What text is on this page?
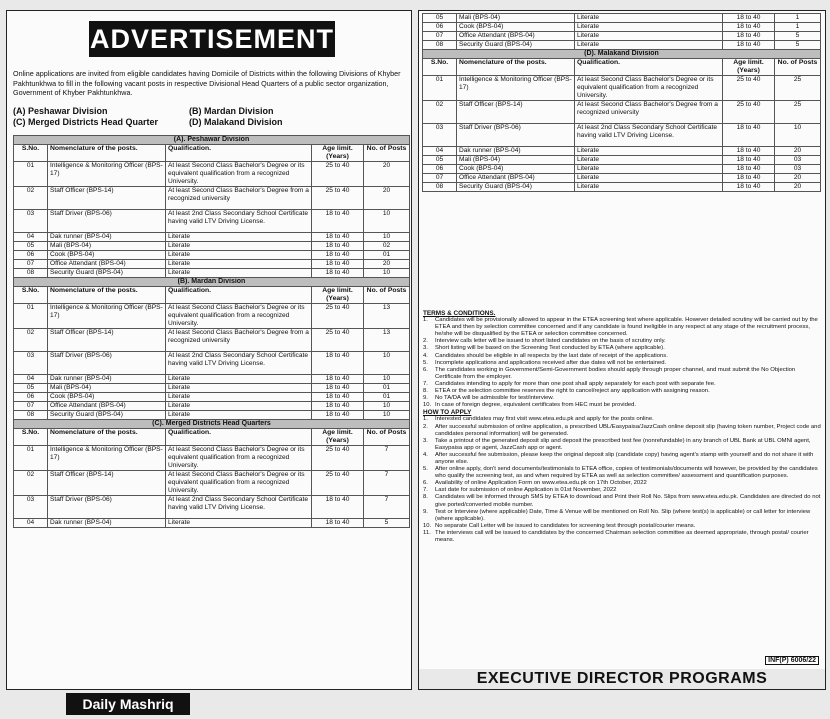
ADVERTISEMENT
Online applications are invited from eligible candidates having Domicile of Districts within the following Divisions of Khyber Pakhtunkhwa to fill in the following vacant posts in respective Divisional Head Quarters of a public sector organization, Government of Khyber Pakhtunkhwa.
(A) Peshawar Division	(B) Mardan Division
(C) Merged Districts Head Quarter	(D) Malakand Division
(A). Peshawar Division				
S.No.	Nomenclature of the posts.	Qualification.	Age limit. (Years)	No. of Posts
01	Intelligence & Monitoring Officer (BPS-17)	At least Second Class Bachelor's Degree or its equivalent qualification from a recognized University.	25 to 40	20
02	Staff Officer (BPS-14)	At least Second Class Bachelor's Degree from a recognized university	25 to 40	20
03	Staff Driver (BPS-06)	At least 2nd Class Secondary School Certificate having valid LTV Driving License.	18 to 40	10
04	Dak runner (BPS-04)	Literate	18 to 40	10
05	Mali (BPS-04)	Literate	18 to 40	02
06	Cook (BPS-04)	Literate	18 to 40	01
07	Office Attendant (BPS-04)	Literate	18 to 40	20
08	Security Guard (BPS-04)	Literate	18 to 40	10
(B). Mardan Division				
S.No.	Nomenclature of the posts.	Qualification.	Age limit. (Years)	No. of Posts
01	Intelligence & Monitoring Officer (BPS-17)	At least Second Class Bachelor's Degree or its equivalent qualification from a recognized University.	25 to 40	13
02	Staff Officer (BPS-14)	At least Second Class Bachelor's Degree from a recognized university	25 to 40	13
03	Staff Driver (BPS-06)	At least 2nd Class Secondary School Certificate having valid LTV Driving License.	18 to 40	10
04	Dak runner (BPS-04)	Literate	18 to 40	10
05	Mali (BPS-04)	Literate	18 to 40	01
06	Cook (BPS-04)	Literate	18 to 40	01
07	Office Attendant (BPS-04)	Literate	18 to 40	10
08	Security Guard (BPS-04)	Literate	18 to 40	10
(C). Merged Districts Head Quarters				
S.No.	Nomenclature of the posts.	Qualification.	Age limit. (Years)	No. of Posts
01	Intelligence & Monitoring Officer (BPS-17)	At least Second Class Bachelor's Degree or its equivalent qualification from a recognized University.	25 to 40	7
02	Staff Officer (BPS-14)	At least Second Class Bachelor's Degree or its equivalent qualification from a recognized University.	25 to 40	7
03	Staff Driver (BPS-06)	At least 2nd Class Secondary School Certificate having valid LTV Driving License.	18 to 40	7
04	Dak runner (BPS-04)	Literate	18 to 40	5
05	Mali (BPS-04)	Literate	18 to 40	1
06	Cook (BPS-04)	Literate	18 to 40	1
07	Office Attendant (BPS-04)	Literate	18 to 40	5
08	Security Guard (BPS-04)	Literate	18 to 40	5
(D). Malakand Division				
S.No.	Nomenclature of the posts.	Qualification.	Age limit. (Years)	No. of Posts
01	Intelligence & Monitoring Officer (BPS-17)	At least Second Class Bachelor's Degree or its equivalent qualification from a recognized University.	25 to 40	25
02	Staff Officer (BPS-14)	At least Second Class Bachelor's Degree from a recognized university	25 to 40	25
03	Staff Driver (BPS-06)	At least 2nd Class Secondary School Certificate having valid LTV Driving License.	18 to 40	10
04	Dak runner (BPS-04)	Literate	18 to 40	20
05	Mali (BPS-04)	Literate	18 to 40	03
06	Cook (BPS-04)	Literate	18 to 40	03
07	Office Attendant (BPS-04)	Literate	18 to 40	20
08	Security Guard (BPS-04)	Literate	18 to 40	20
TERMS & CONDITIONS.
1.	Candidates will be provisionally allowed to appear in the ETEA screening test where applicable. However detailed scrutiny will be carried out by the ETEA and then by selection committee concerned and if any candidate is found ineligible in any respect at any stage of the recruitment process, he/she will be disqualified by the ETEA or selection committee concerned.
2.	Interview calls letter will be issued to short listed candidates on the basis of scrutiny only.
3.	Short listing will be based on the Screening Test conducted by ETEA (where applicable).
4.	Candidates should be eligible in all respects by the last date of receipt of the applications.
5.	Incomplete applications and applications received after due dates will not be entertained.
6.	The candidates working in Government/Semi-Government bodies should apply through proper channel, and must submit the No Objection Certificate from the employer.
7.	Candidates intending to apply for more than one post shall apply separately for each post with separate fee.
8.	ETEA or the selection committee reserves the right to cancel/reject any application with assigning reason.
9.	No TA/DA will be admissible for test/interview.
10. In case of foreign degree, equivalent certificates from HEC must be provided.
HOW TO APPLY
1.	Interested candidates may first visit www.etea.edu.pk and apply for the posts online.
2.	After successful submission of online application, a prescribed UBL/Easypaisa/JazzCash online deposit slip (having token number, Project code and candidates personal information) will be generated.
3.	Take a printout of the generated deposit slip and deposit the prescribed test fee (nonrefundable) in any branch of UBL Bank at UBL OMNI agent, Easypaisa app or agent, JazzCash app or agent.
4.	After successful fee submission, please keep the original deposit slip (candidate copy) having agent's stamp with yourself and do not share it with anyone else.
5.	After online apply, don't send documents/testimonials to ETEA office, copies of testimonials/documents will however, be provided by the candidates who qualify the screening test, as and when required by ETEA as well as selection committee/ assessment and quantification purposes.
6.	Availability of online Application Form on www.etea.edu.pk on 17th October, 2022
7.	Last date for submission of online Application is 01st November, 2022
8.	Candidates will be informed through SMS by ETEA to download and Print their Roll No. Slips from www.etea.edu.pk. Candidates are directed do not give ported/converted mobile number.
9.	Test or Interview (where applicable) Date, Time & Venue will be mentioned on Roll No. Slip (where test(s) is applicable) or call letter for interview (where applicable).
10. No separate Call Letter will be issued to candidates for screening test through postal/courier means.
11. The interviews call will be issued to candidates by the concerned Chairman selection committee as deemed appropriate, through postal/ courier means.
INF(P) 6006/22
EXECUTIVE DIRECTOR PROGRAMS
Daily Mashriq
